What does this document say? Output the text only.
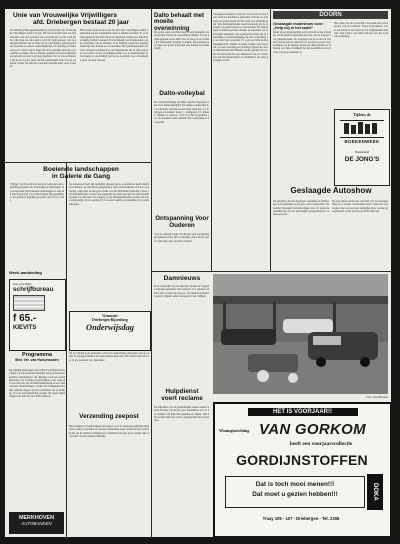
Unie van Vrouwelijke Vrijwilligers
afd. Driebergen bestaat 20 jaar
De afdeling Driebergen-Rijsenburg van de Unie van Vrouwelijke Vrijwilligers bestaat 20 jaar. Dit feit is herdacht met een bijeenkomst waar de voorzitster een overzicht gaf van het werk dat in al die jaren door de leden is verricht. Vele bewoners van de gemeente hebben van de hulp van de vrijwilligers gebruik gemaakt bij ziekte en andere omstandigheden. De afdeling telt thans een groot aantal actieve leden die zich wekelijks inzetten voor ouderen en zieken. Na de officiele opening werd een koffietafel aangeboden en werd nog lang nagepraat over de vele activiteiten die in de loop der jaren werden ondernomen. Ook voor de toekomst is men van plan het werk met dezelfde inzet voort te zetten.
Het bestuur sprak de hoop uit dat zich meer vrijwilligers zullen aanmelden om het toenemende werk te kunnen verdelen. Er werd dank gebracht aan allen die in de afgelopen twintig jaar hun medewerking hebben verleend. Een bloemstuk werd aangeboden aan de oprichtster van de afdeling. In de middag volgde een gezellig samenzijn met muziek en voordrachten. Het gemeentebestuur liet zich vertegenwoordigen door de burgemeester die in zijn toespraak de waarde van het vrijwilligerswerk voor de gemeenschap onderstreepte en de afdeling veel succes toewenste voor de komende jaren van haar bestaan.
Dalto behaalt met moeite overwinning
Het eerste team van Dalto heeft in een spannende wedstrijd met moeite de overwinning behaald. Na een gelijkopgaande eerste helft wist de ploeg in de slotfase het beslissende doelpunt te maken. De toeschouwers zagen een goede partij met veel kansen aan beide zijden.
Dalto-volleybal
De volleybalafdeling van Dalto speelde afgelopen week twee thuiswedstrijden. De dames wonnen met 3-1 en de heren verloren na een lange strijd met 2-3. Uitslagen en standen: heren 1 - Kampong 2-3, dames 1 - Hellas 3-1, heren 2 - VCU 3-0. Het programma voor de komende week vermeldt drie wedstrijden in de sporthal.
Ontspanning Voor
Ouderen
Voor de ouderen wordt ook dit jaar weer een middag georganiseerd met film en muziek. Allen die 65 jaar of ouder zijn, zijn van harte welkom.
Geslaagde modeshow in Doorn. In de zaal van het hotel werd een modeshow gehouden waarvan de opbrengst ten goede kwam aan het werk voor gehandicapten. Vele belangstellenden waren aanwezig om de nieuwste voorjaarscollectie te bewonderen. De mannequins toonden japonnen, mantels en kostuums van plaatselijke winkeliers. De organisatie berustte bij de plaatselijke vrouwenvereniging die met voldoening op de avond kan terugzien. Er werd een flink bedrag bijeengebracht. Tijdens de pauze werden loten verkocht voor een verloting met prachtige prijzen die door de middenstand beschikbaar werden gesteld. De avond werd besloten met een dankwoord van de voorzitster aan alle medewerkers en deelnemers aan deze geslaagde avond.
DOORN
Geslaagde modeshow voor: „Help mij in het zadel"
Onder grote belangstelling werd in het Doornse dorpshuis een modeshow gehouden ten bate van de manege voor gehandicapten. De opbrengst van de avond zal worden besteed aan de aanschaf van een nieuw paard. De leerlingen van de manege gaven een demonstratie en vertelden over hun ervaringen met het paardrijden dat voor hen van grote betekenis is.
Het comite dat de avond had voorbereid kon tevreden zijn over het resultaat. Naast de modeshow was er een loterij en een verkoop van zelfgemaakte artikelen. Ook werd er een film vertoond over het werk van de manege.
Tijdens de
BOEKENWEEK
Boekhandel
DE JONG'S
Geslaagde Autoshow
De autoshow die het afgelopen weekeinde in Driebergen werd gehouden is een groot succes geworden. Duizenden bezoekers kwamen kijken naar de nieuwste modellen die door de plaatselijke garagebedrijven werden getoond.
De exposanten waren zeer tevreden over de belangstelling en er werden verscheidene auto's verkocht. Ook volgend jaar zal weer een dergelijke show worden georganiseerd op het terrein aan de Hoofdstraat.
Boeiende landschappen
in Galerie de Gang
Vrijdag 3 april wordt in Galerie de Gang een tentoonstelling geopend van schilderijen en tekeningen. Op de expositie zijn boeiende landschappen te zien die met veel gevoel voor licht en kleur zijn geschilderd. De galerie is dagelijks geopend van 10 tot 17 uur.
De kunstenaar heeft zijn opleiding genoten aan de academie en heeft sindsdien in binnen- en buitenland geexposeerd. Zijn werk kenmerkt zich door een rustige compositie en een grote liefde voor het Hollandse landschap. Naast olieverfschilderijen worden ook aquarellen en etsen getoond. De tentoonstelling duurt tot eind april. De toegang is vrij. Belangstellenden worden van harte uitgenodigd om de opening bij te wonen waarbij een inleiding zal worden gehouden.
Week-aanbieding
Een prachtige
schrijfbureau
f 65.-
KIEVITS
Programma
Bed. Ver. van Huisvrouwen
De afdeling Driebergen van de Bond van Huisvrouwen heeft voor de komende maanden een gevarieerd programma samengesteld. Op dinsdag wordt een lezing gehouden over voeding en gezondheid. Later volgt een excursie naar een bloembollenkwekerij en een demonstratie bloemschikken. Leden en belangstellenden zijn welkom. Opgave bij het secretariaat van de afdeling. Voor de jaarvergadering worden alle leden uitgenodigd in het gebouw aan de Hoofdstraat.
MERKHOVEN
AUTOBANDEN
Gemeente
Driebergen-Rijsenburg
Onderwijsdag
Op de scholen in de gemeente wordt een onderwijsdag gehouden waarop ouders en belangstellenden de lessen kunnen bijwonen. De scholen zijn van 9 tot 12 uur geopend voor bezoekers.
Damnieuws
In de competitie van de damclub werden de volgende uitslagen genoteerd. De koploper won opnieuw en heeft zijn voorsprong vergroot. De bekerwedstrijden worden volgende week voortgezet in het clubhuis.
Verzending zeepost
Het postkantoor maakt bekend dat zeepost voor de overzeese gebieden tijdig moet worden verzonden. De laatste verzenddata staan vermeld in het overzicht dat aan de loketten verkrijgbaar is. Pakketten moeten goed verpakt zijn en voorzien van een douaneverklaring.
Hulpdienst
voert reclame
De hulpdienst van de gezamenlijke kerken maakt bekend dat men ook dit jaar weer beschikbaar is voor het verlenen van hulp aan bejaarden en zieken. Wie hulp nodig heeft kan contact opnemen met het secretariaat.
Foto: Van Bloemen
HET IS VOORJAAR!!
Woninginrichting VAN GORKOM
heeft een voorjaarscollectie
GORDIJNSTOFFEN
Dat is toch mooi menen!!!
Dat moet u gezien hebben!!!	DOKA
Traay 105 - 107 - Driebergen - Tel. 2308
